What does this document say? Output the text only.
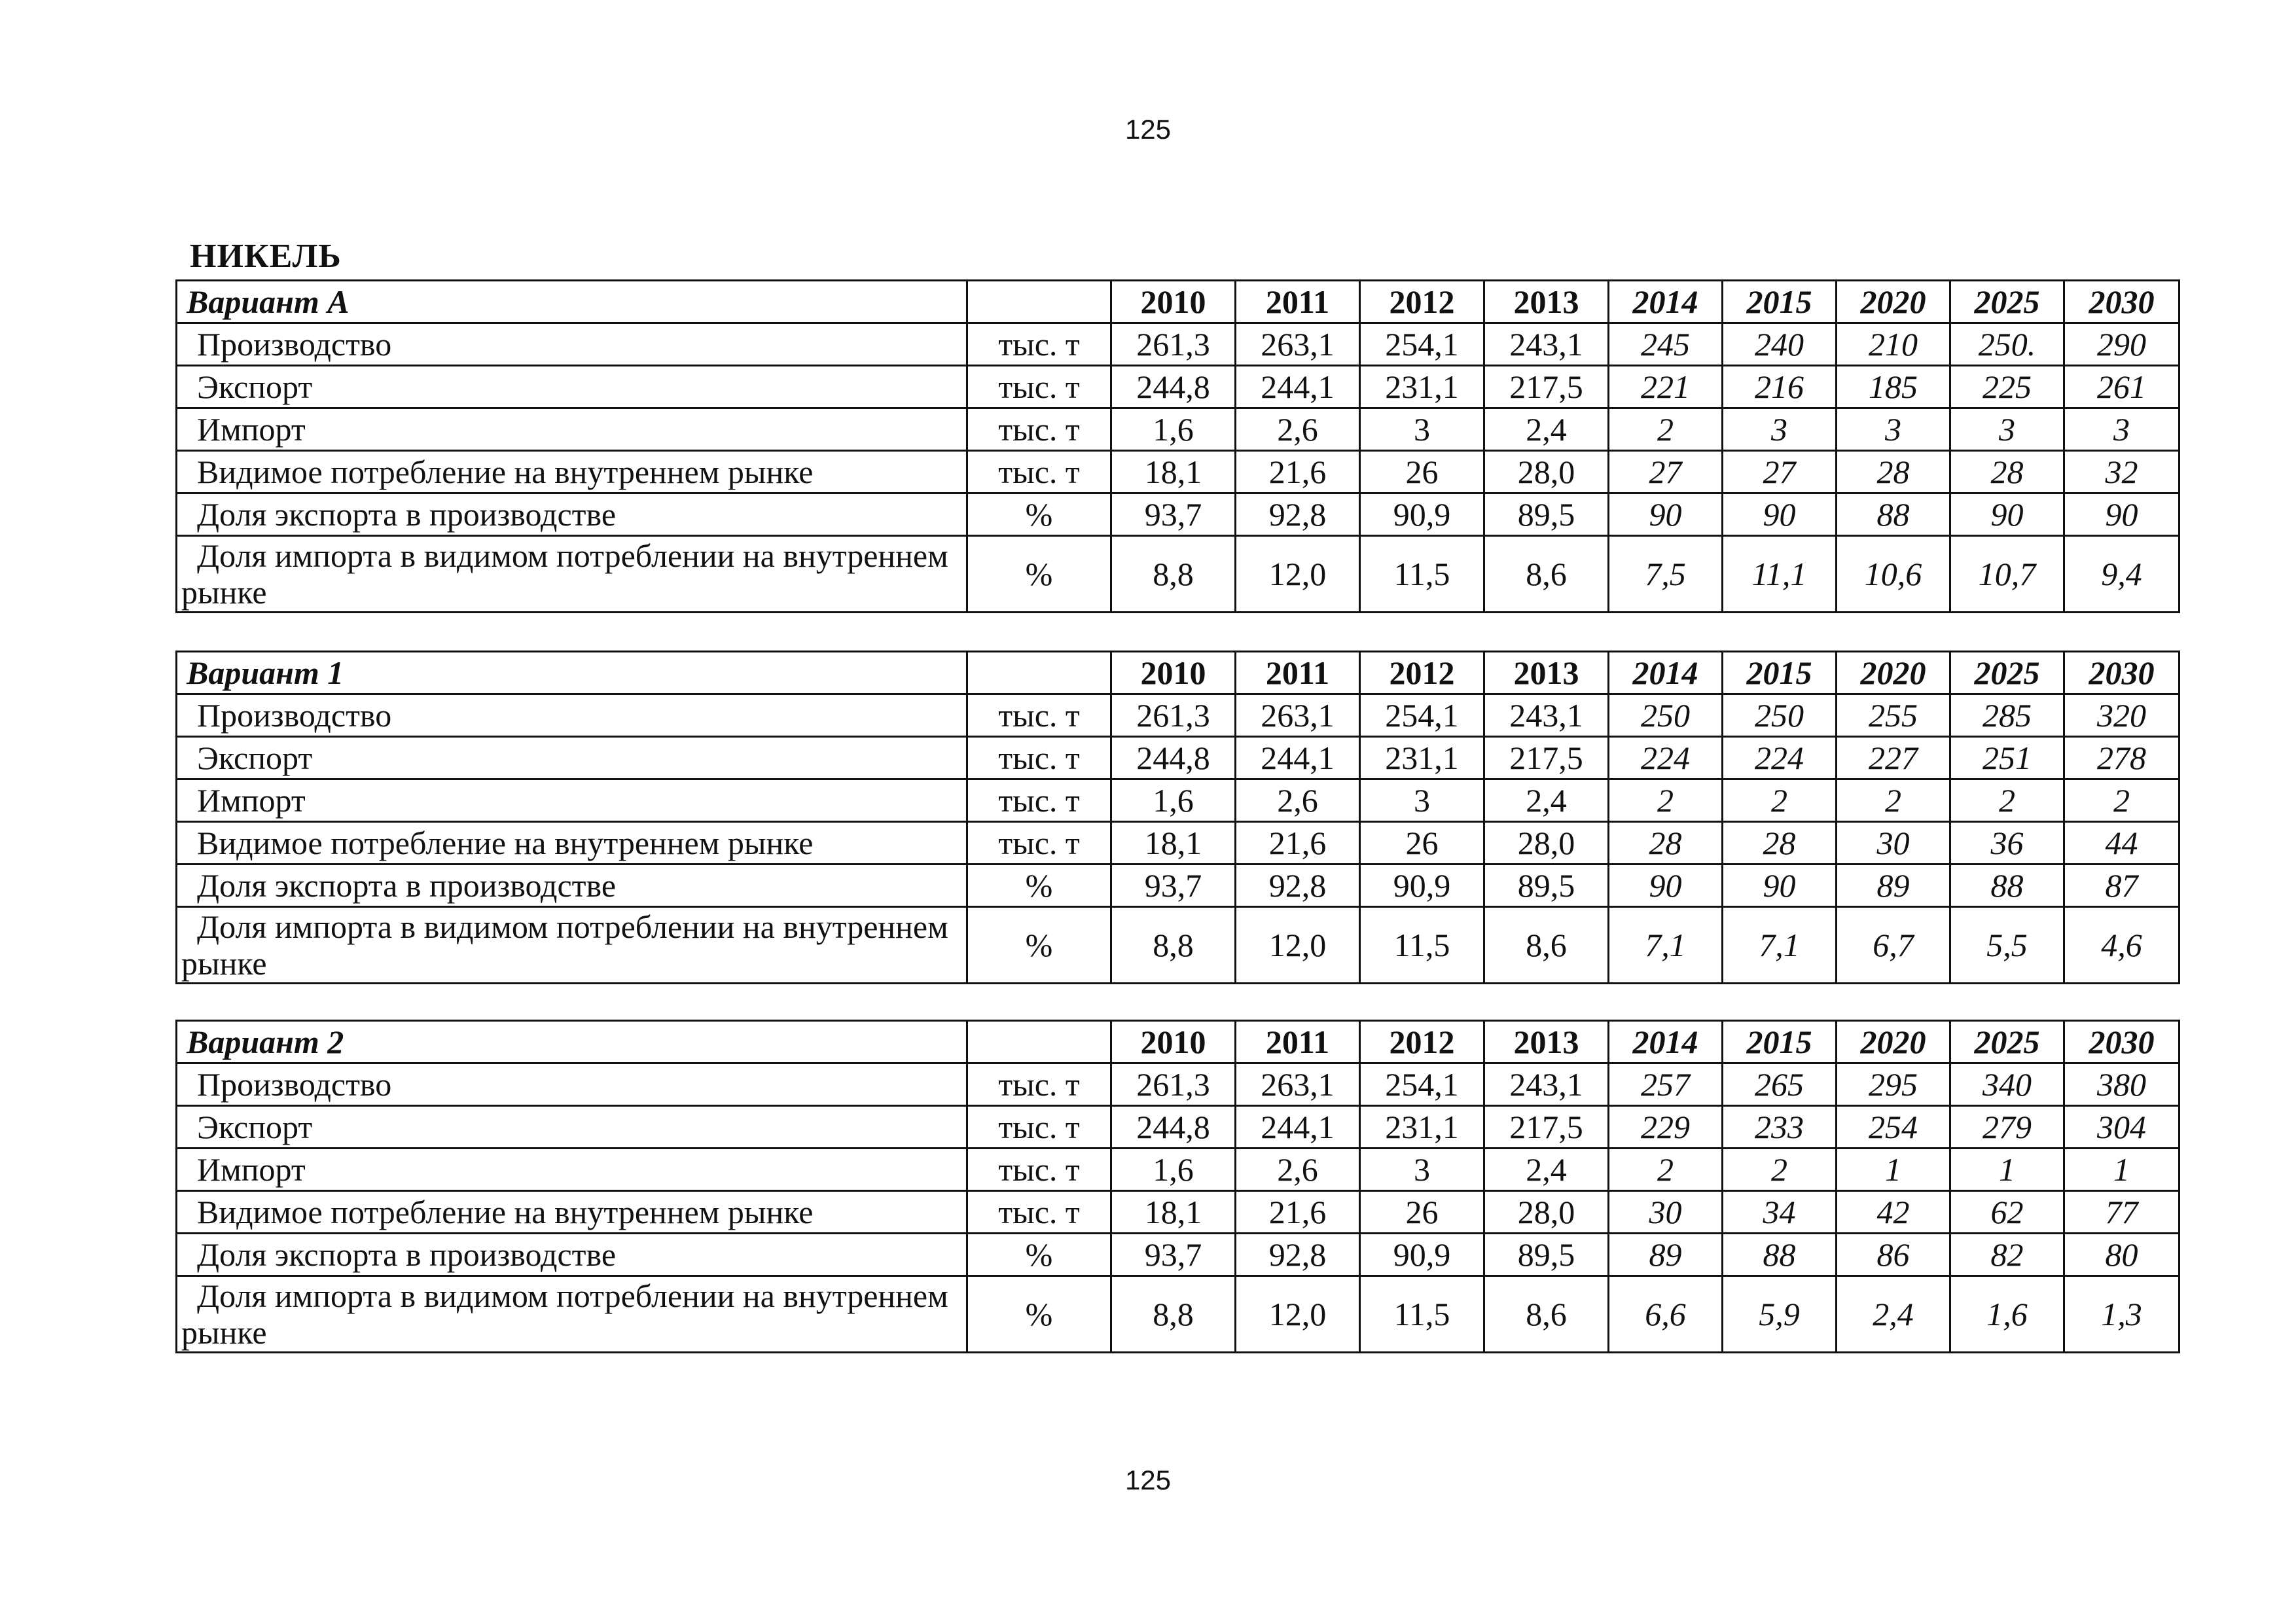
125
НИКЕЛЬ
Вариант А		2010	2011	2012	2013	2014	2015	2020	2025	2030
Производство	тыс. т	261,3	263,1	254,1	243,1	245	240	210	250.	290
Экспорт	тыс. т	244,8	244,1	231,1	217,5	221	216	185	225	261
Импорт	тыс. т	1,6	2,6	3	2,4	2	3	3	3	3
Видимое потребление на внутреннем рынке	тыс. т	18,1	21,6	26	28,0	27	27	28	28	32
Доля экспорта в производстве	%	93,7	92,8	90,9	89,5	90	90	88	90	90

Доля импорта в видимом потреблении на внутреннем
рынке	%	8,8	12,0	11,5	8,6	7,5	11,1	10,6	10,7	9,4
Вариант 1		2010	2011	2012	2013	2014	2015	2020	2025	2030
Производство	тыс. т	261,3	263,1	254,1	243,1	250	250	255	285	320
Экспорт	тыс. т	244,8	244,1	231,1	217,5	224	224	227	251	278
Импорт	тыс. т	1,6	2,6	3	2,4	2	2	2	2	2
Видимое потребление на внутреннем рынке	тыс. т	18,1	21,6	26	28,0	28	28	30	36	44
Доля экспорта в производстве	%	93,7	92,8	90,9	89,5	90	90	89	88	87

Доля импорта в видимом потреблении на внутреннем
рынке	%	8,8	12,0	11,5	8,6	7,1	7,1	6,7	5,5	4,6
Вариант 2		2010	2011	2012	2013	2014	2015	2020	2025	2030
Производство	тыс. т	261,3	263,1	254,1	243,1	257	265	295	340	380
Экспорт	тыс. т	244,8	244,1	231,1	217,5	229	233	254	279	304
Импорт	тыс. т	1,6	2,6	3	2,4	2	2	1	1	1
Видимое потребление на внутреннем рынке	тыс. т	18,1	21,6	26	28,0	30	34	42	62	77
Доля экспорта в производстве	%	93,7	92,8	90,9	89,5	89	88	86	82	80

Доля импорта в видимом потреблении на внутреннем
рынке	%	8,8	12,0	11,5	8,6	6,6	5,9	2,4	1,6	1,3
125
